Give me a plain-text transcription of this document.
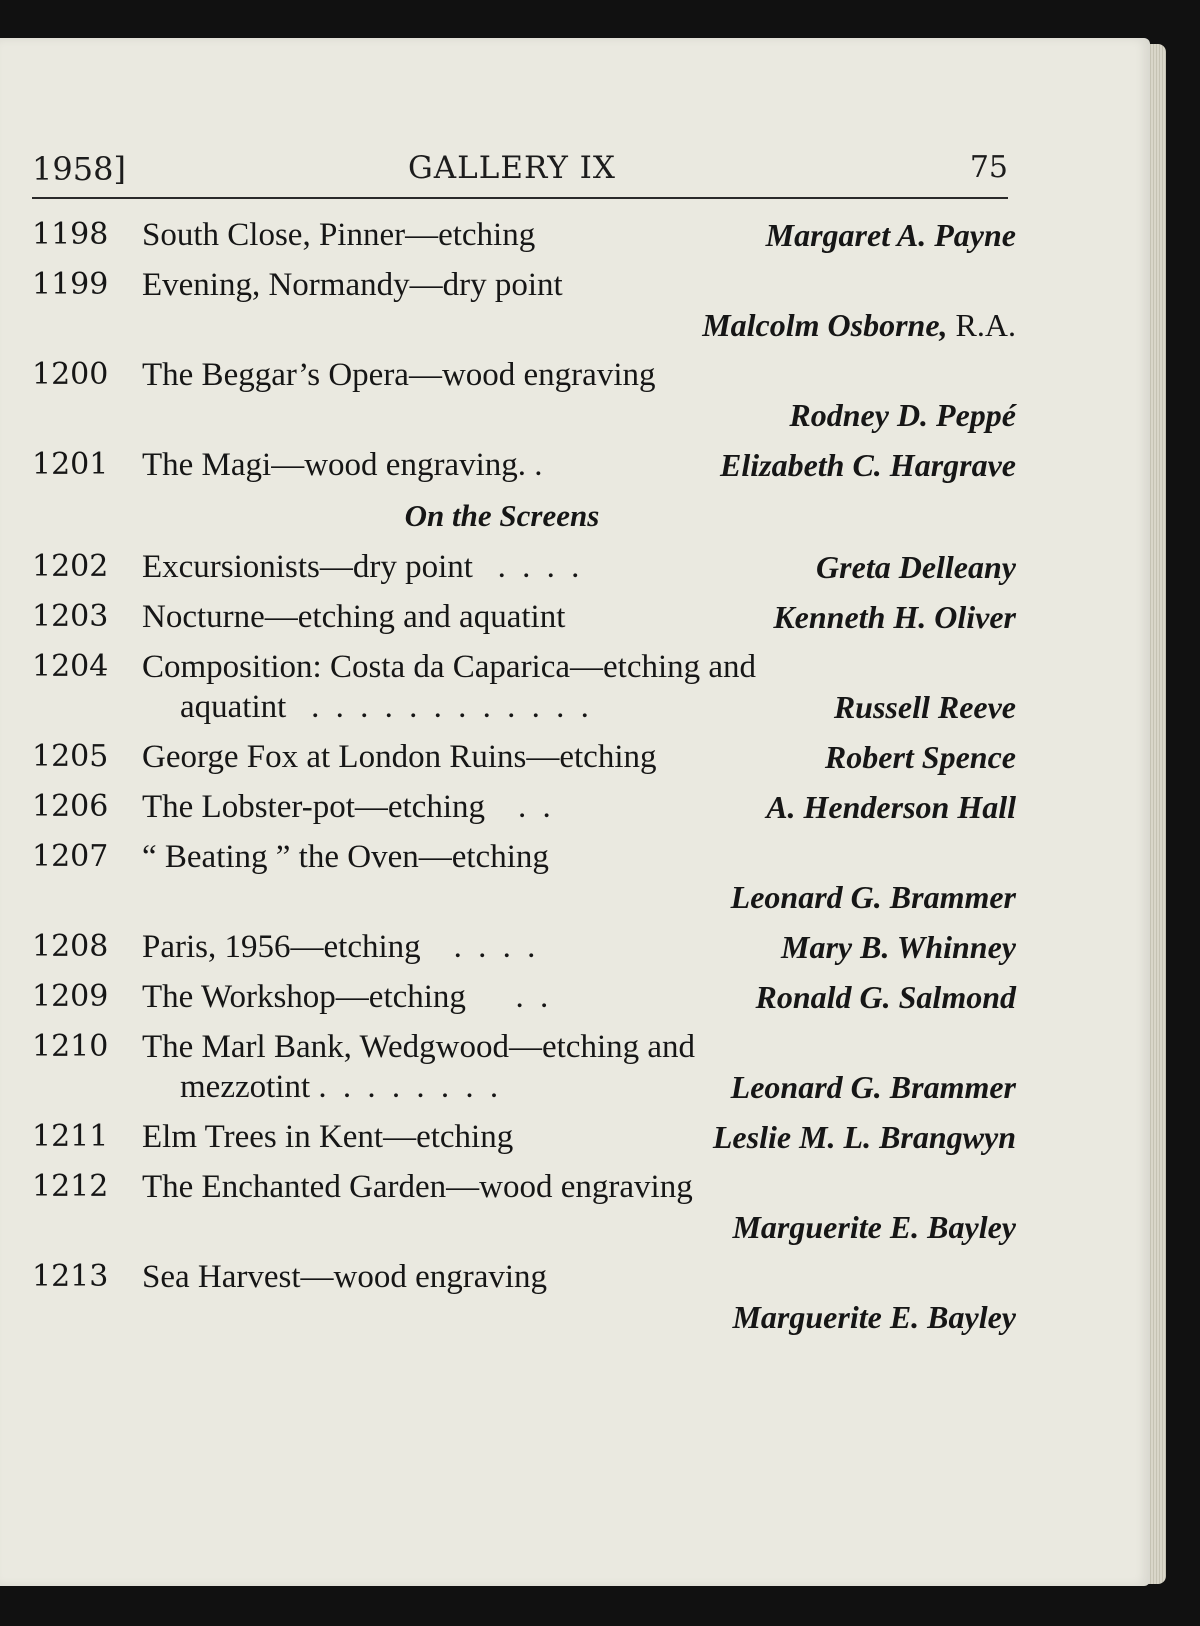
1958]	GALLERY IX	75
1198 South Close, Pinner—etching	Margaret A. Payne
1199 Evening, Normandy—dry point
Malcolm Osborne, R.A.
1200 The Beggar’s Opera—wood engraving
Rodney D. Peppé
1201 The Magi—wood engraving. .	Elizabeth C. Hargrave
On the Screens
1202 Excursionists—dry point . . . .	Greta Delleany
1203 Nocturne—etching and aquatint	Kenneth H. Oliver
1204 Composition: Costa da Caparica—etching and
aquatint . . . . . . . . . . . .	Russell Reeve
1205 George Fox at London Ruins—etching	Robert Spence
1206 The Lobster-pot—etching . .	A. Henderson Hall
1207 “ Beating ” the Oven—etching
Leonard G. Brammer
1208 Paris, 1956—etching . . . .	Mary B. Whinney
1209 The Workshop—etching . .	Ronald G. Salmond
1210 The Marl Bank, Wedgwood—etching and
mezzotint . . . . . . . .	Leonard G. Brammer
1211 Elm Trees in Kent—etching	Leslie M. L. Brangwyn
1212 The Enchanted Garden—wood engraving
Marguerite E. Bayley
1213 Sea Harvest—wood engraving
Marguerite E. Bayley
